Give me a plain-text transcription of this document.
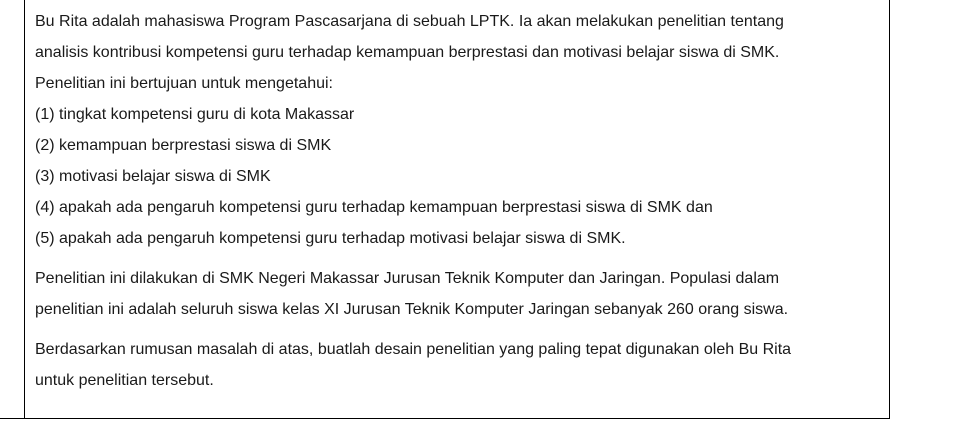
Bu Rita adalah mahasiswa Program Pascasarjana di sebuah LPTK. Ia akan melakukan penelitian tentang

analisis kontribusi kompetensi guru terhadap kemampuan berprestasi dan motivasi belajar siswa di SMK.

Penelitian ini bertujuan untuk mengetahui:

(1) tingkat kompetensi guru di kota Makassar

(2) kemampuan berprestasi siswa di SMK

(3) motivasi belajar siswa di SMK

(4) apakah ada pengaruh kompetensi guru terhadap kemampuan berprestasi siswa di SMK dan

(5) apakah ada pengaruh kompetensi guru terhadap motivasi belajar siswa di SMK.

Penelitian ini dilakukan di SMK Negeri Makassar Jurusan Teknik Komputer dan Jaringan. Populasi dalam

penelitian ini adalah seluruh siswa kelas XI Jurusan Teknik Komputer Jaringan sebanyak 260 orang siswa.

Berdasarkan rumusan masalah di atas, buatlah desain penelitian yang paling tepat digunakan oleh Bu Rita

untuk penelitian tersebut.
